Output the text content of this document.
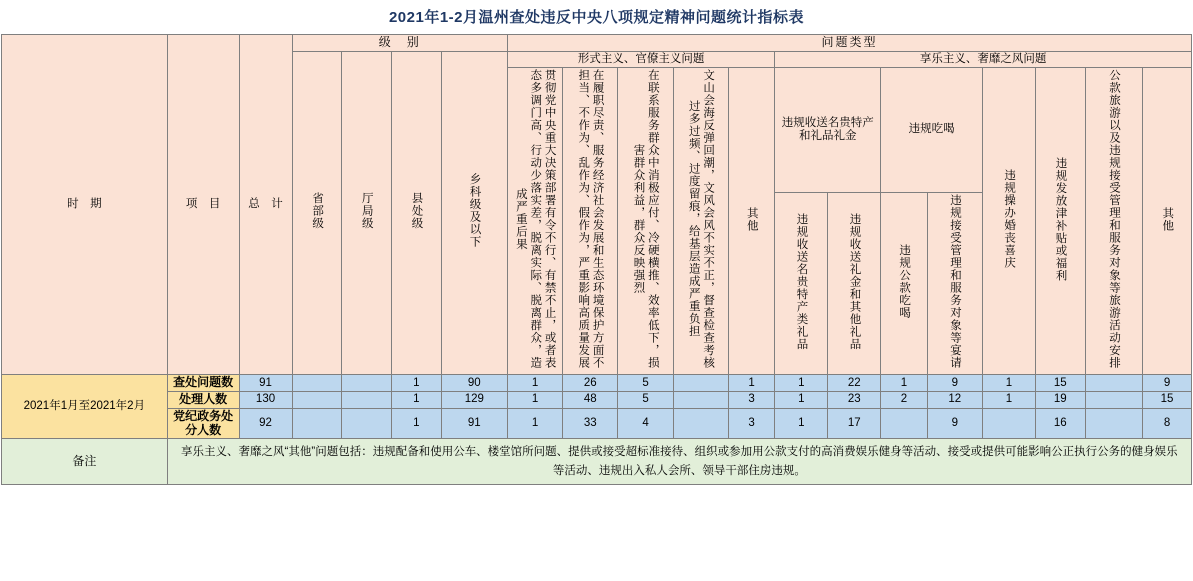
2021年1-2月温州查处违反中央八项规定精神问题统计指标表
时　期	项　目	总　计	级　别				问题类型												
			省部级	厅局级	县处级	乡科级及以下	形式主义、官僚主义问题					享乐主义、奢靡之风问题							
							贯彻党中央重大决策部署有令不行、有禁不止，或者表态多调门高、行动少落实差，脱离实际、脱离群众，造成严重后果	在履职尽责、服务经济社会发展和生态环境保护方面不担当、不作为、乱作为、假作为，严重影响高质量发展	在联系服务群众中消极应付、冷硬横推、效率低下，损害群众利益，群众反映强烈	文山会海反弹回潮，文风会风不实不正，督查检查考核过多过频、过度留痕，给基层造成严重负担	其他	违规收送名贵特产和礼品礼金		违规吃喝		违规操办婚丧喜庆	违规发放津补贴或福利	公款旅游以及违规接受管理和服务对象等旅游活动安排	其他
												违规收送名贵特产类礼品	违规收送礼金和其他礼品	违规公款吃喝	违规接受管理和服务对象等宴请				
2021年1月至2021年2月	查处问题数	91			1	90	1	26	5		1	1	22	1	9	1	15		9
	处理人数	130			1	129	1	48	5		3	1	23	2	12	1	19		15
	党纪政务处分人数	92			1	91	1	33	4		3	1	17		9		16		8
备注	享乐主义、奢靡之风“其他”问题包括：违规配备和使用公车、楼堂馆所问题、提供或接受超标准接待、组织或参加用公款支付的高消费娱乐健身等活动、接受或提供可能影响公正执行公务的健身娱乐等活动、违规出入私人会所、领导干部住房违规。																		
